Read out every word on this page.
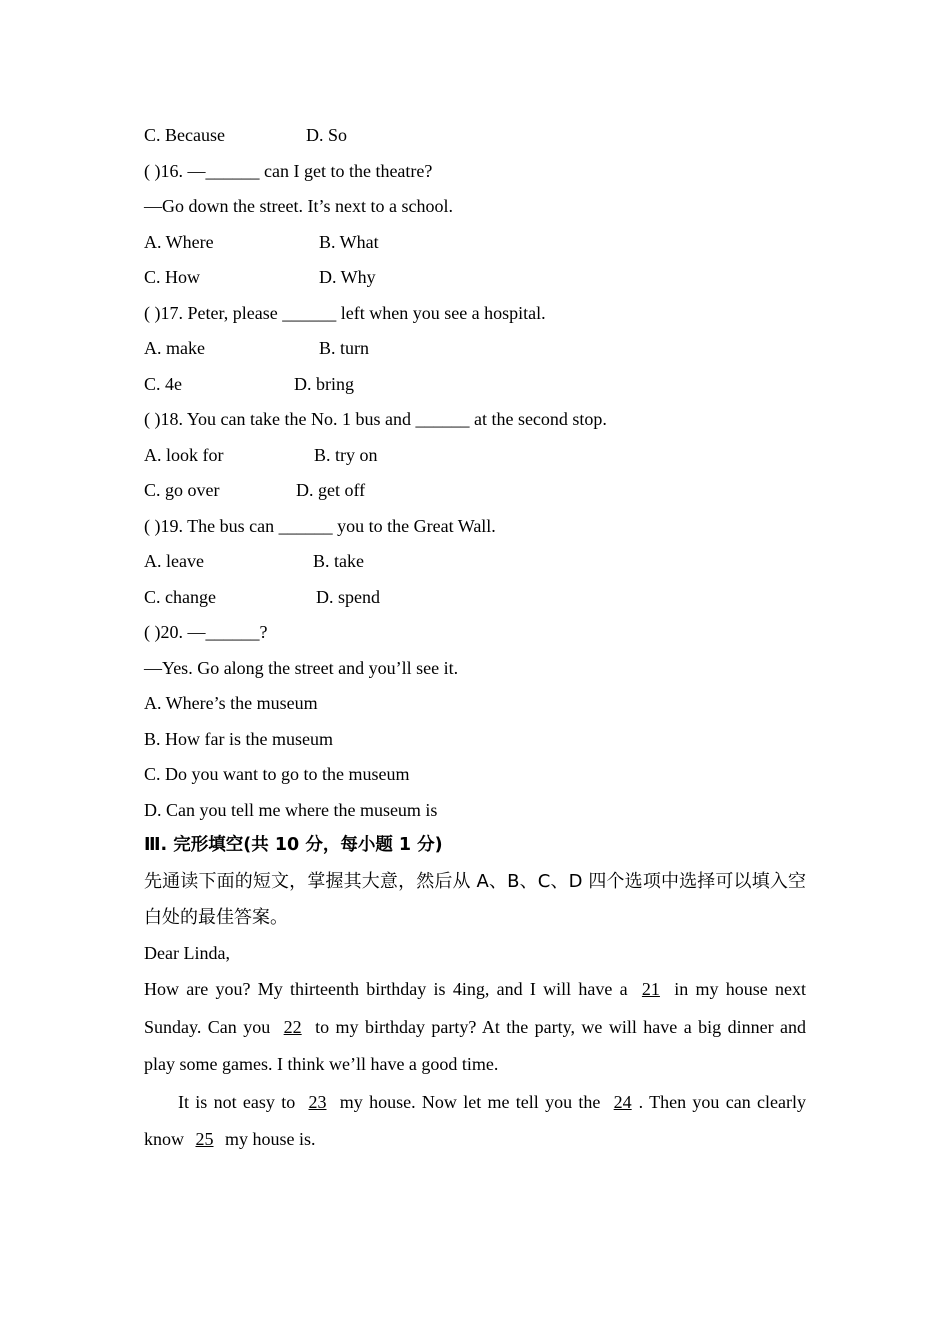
C. Because	D. So
( )16. —______ can I get to the theatre?
—Go down the street. It’s next to a school.
A. Where	B. What
C. How	D. Why
( )17. Peter, please ______ left when you see a hospital.
A. make	B. turn
C. 4e	D. bring
( )18. You can take the No. 1 bus and ______ at the second stop.
A. look for	B. try on
C. go over	D. get off
( )19. The bus can ______ you to the Great Wall.
A. leave	B. take
C. change	D. spend
( )20. —______?
—Yes. Go along the street and you’ll see it.
A. Where’s the museum
B. How far is the museum
C. Do you want to go to the museum
D. Can you tell me where the museum is
Ⅲ. 完形填空(共 10 分，每小题 1 分)
先通读下面的短文，掌握其大意，然后从 A、B、C、D 四个选项中选择可以填入空白处的最佳答案。
Dear Linda,
How are you? My thirteenth birthday is 4ing, and I will have a 21 in my house next Sunday. Can you 22 to my birthday party? At the party, we will have a big dinner and play some games. I think we’ll have a good time.
It is not easy to 23 my house. Now let me tell you the 24 . Then you can clearly know 25 my house is.
